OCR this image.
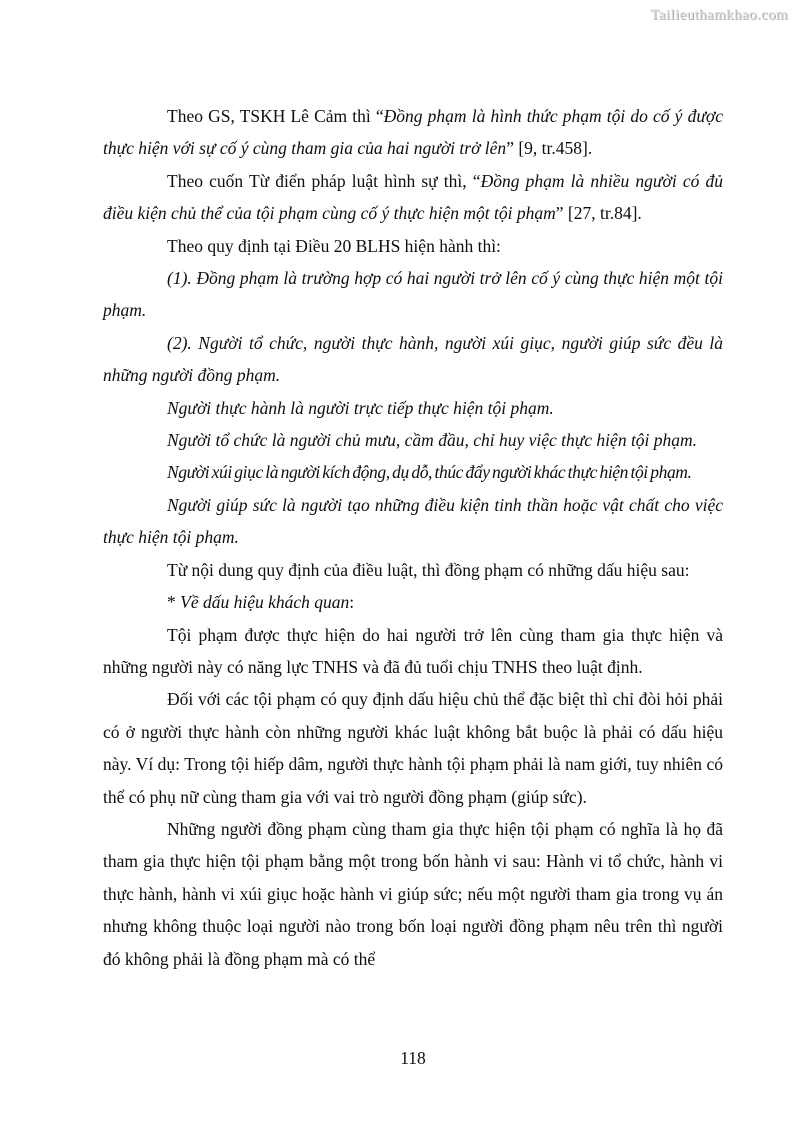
Tailieuthamkhao.com

Theo GS, TSKH Lê Cảm thì “Đồng phạm là hình thức phạm tội do cố ý được thực hiện với sự cố ý cùng tham gia của hai người trở lên” [9, tr.458].

Theo cuốn Từ điển pháp luật hình sự thì, “Đồng phạm là nhiều người có đủ điều kiện chủ thể của tội phạm cùng cố ý thực hiện một tội phạm” [27, tr.84].

Theo quy định tại Điều 20 BLHS hiện hành thì:

(1). Đồng phạm là trường hợp có hai người trở lên cố ý cùng thực hiện một tội phạm.

(2). Người tổ chức, người thực hành, người xúi giục, người giúp sức đều là những người đồng phạm.

Người thực hành là người trực tiếp thực hiện tội phạm.

Người tổ chức là người chủ mưu, cầm đầu, chỉ huy việc thực hiện tội phạm.

Người xúi giục là người kích động, dụ dỗ, thúc đẩy người khác thực hiện tội phạm.

Người giúp sức là người tạo những điều kiện tinh thần hoặc vật chất cho việc thực hiện tội phạm.

Từ nội dung quy định của điều luật, thì đồng phạm có những dấu hiệu sau:

* Về dấu hiệu khách quan:

Tội phạm được thực hiện do hai người trở lên cùng tham gia thực hiện và những người này có năng lực TNHS và đã đủ tuổi chịu TNHS theo luật định.

Đối với các tội phạm có quy định dấu hiệu chủ thể đặc biệt thì chỉ đòi hỏi phải có ở người thực hành còn những người khác luật không bắt buộc là phải có dấu hiệu này. Ví dụ: Trong tội hiếp dâm, người thực hành tội phạm phải là nam giới, tuy nhiên có thể có phụ nữ cùng tham gia với vai trò người đồng phạm (giúp sức).

Những người đồng phạm cùng tham gia thực hiện tội phạm có nghĩa là họ đã tham gia thực hiện tội phạm bằng một trong bốn hành vi sau: Hành vi tổ chức, hành vi thực hành, hành vi xúi giục hoặc hành vi giúp sức; nếu một người tham gia trong vụ án nhưng không thuộc loại người nào trong bốn loại người đồng phạm nêu trên thì người đó không phải là đồng phạm mà có thể

118
